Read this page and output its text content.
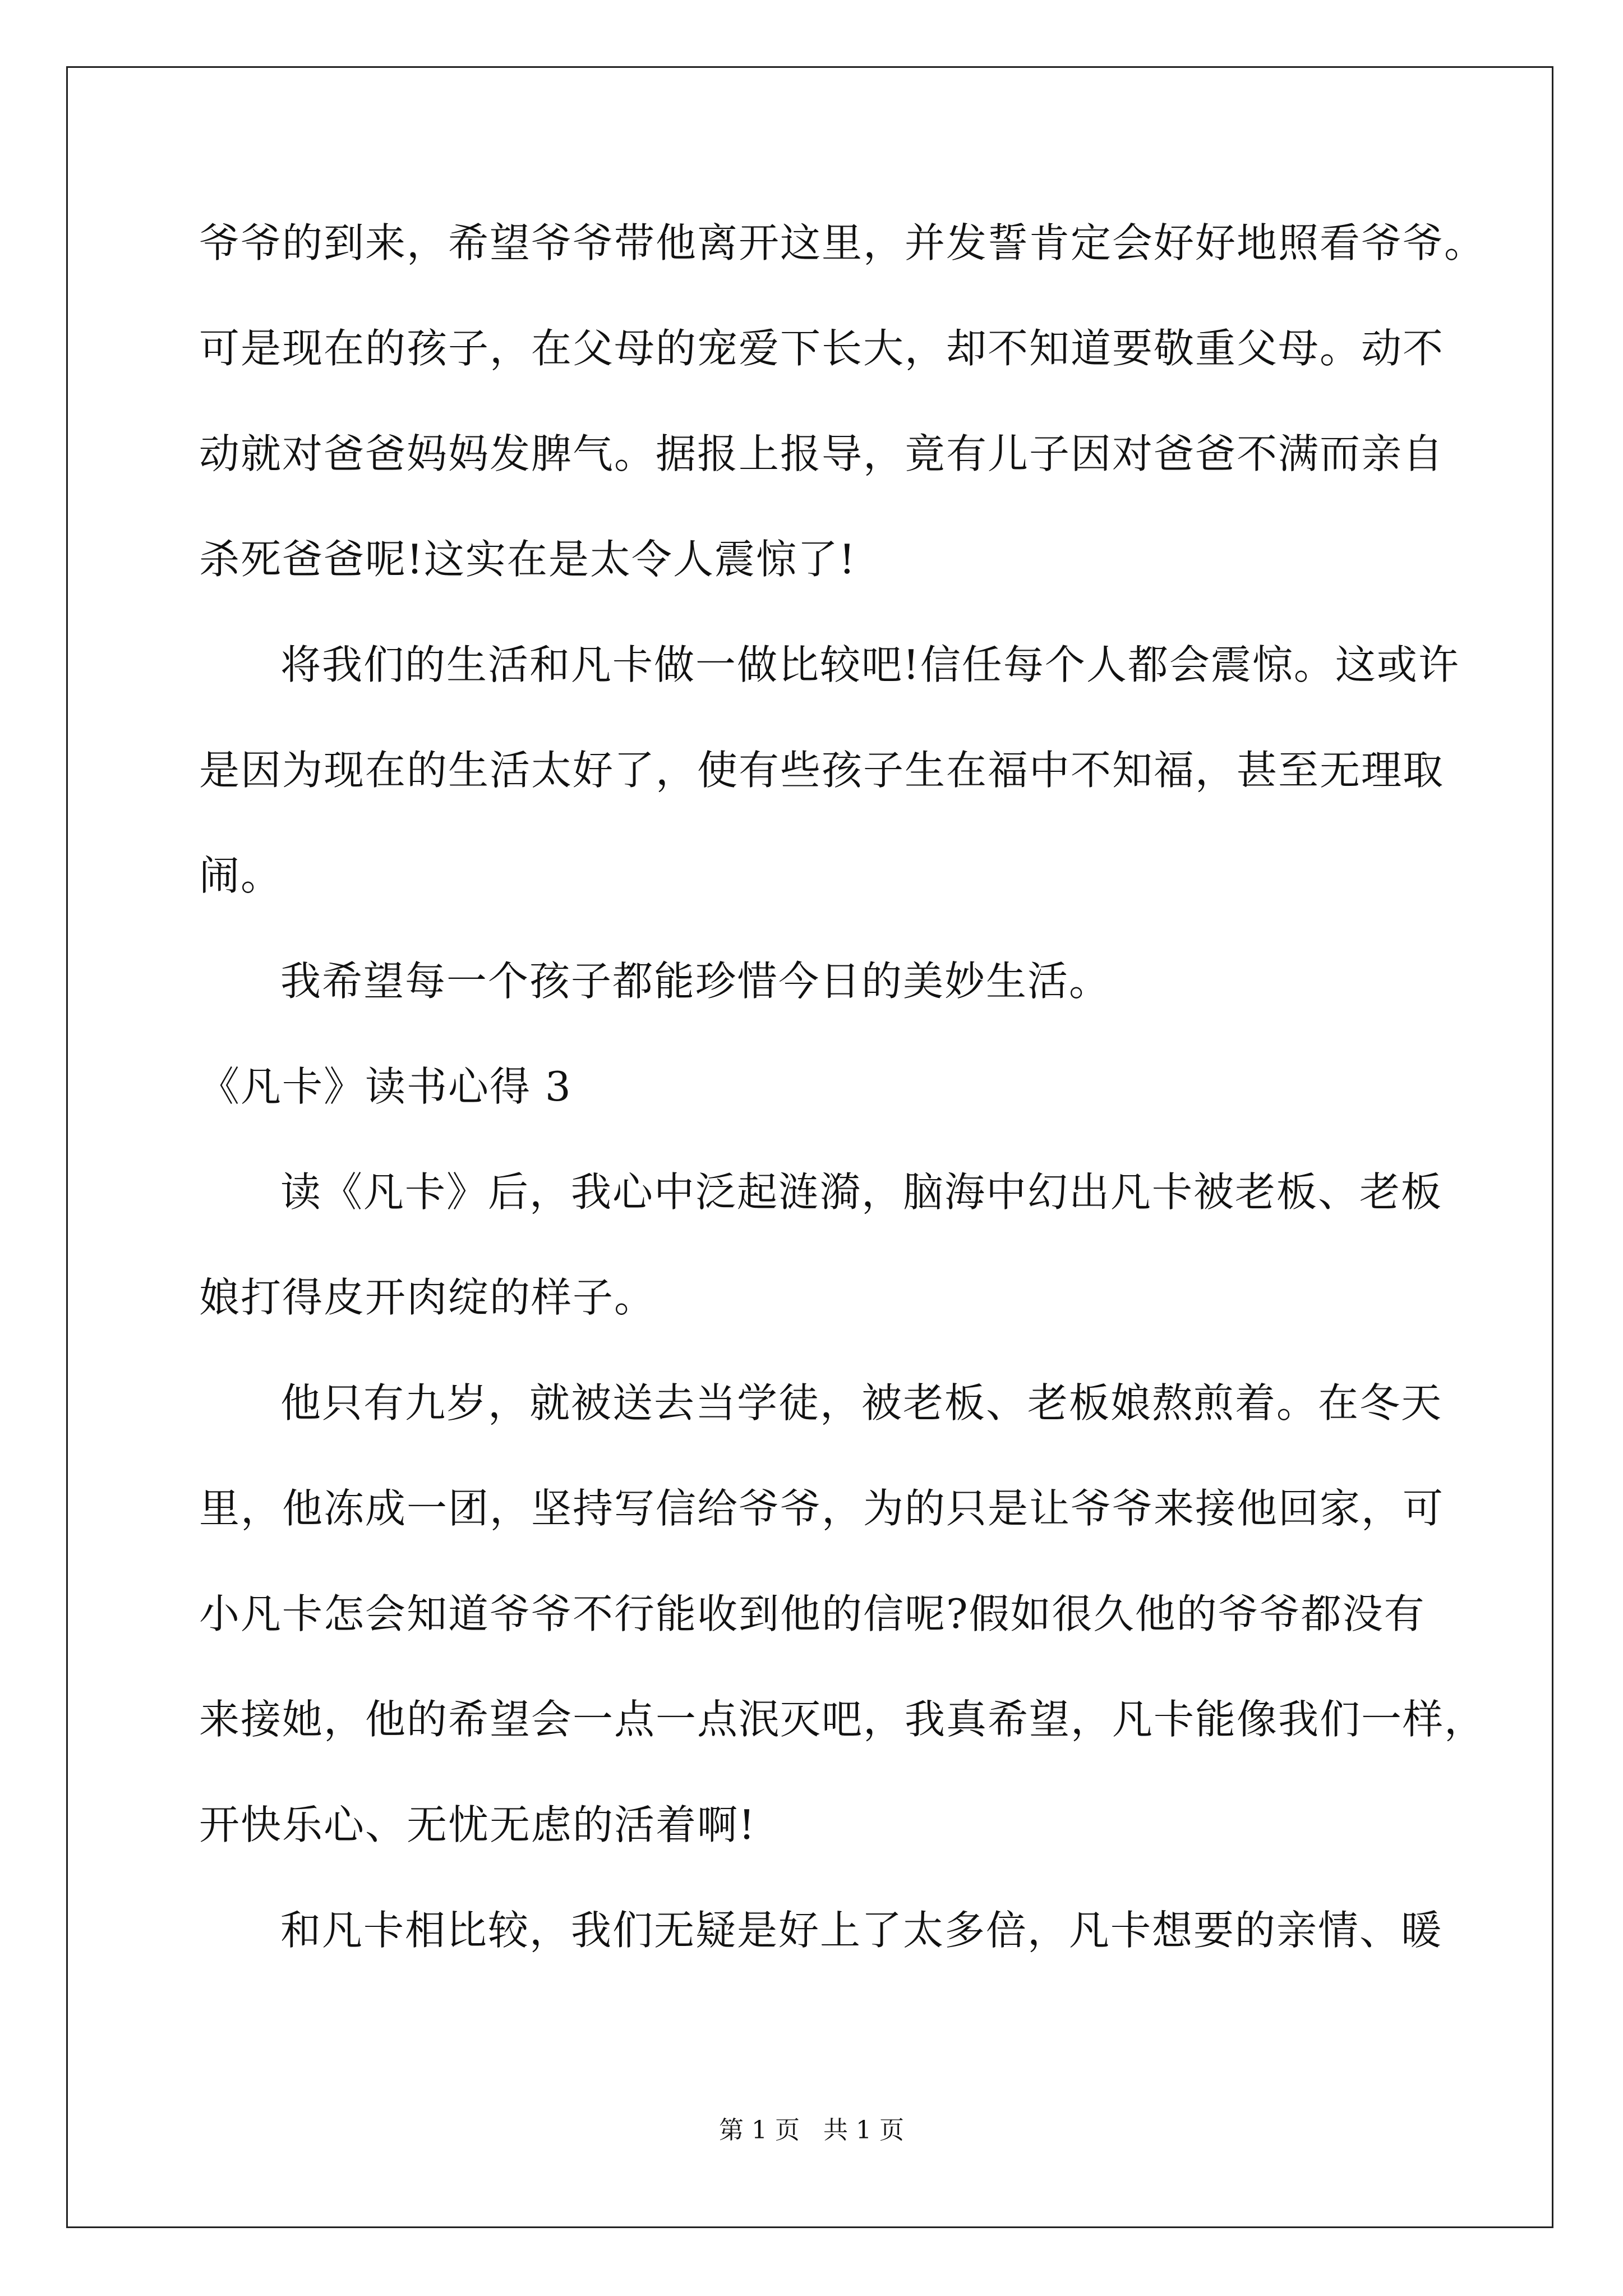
爷爷的到来，希望爷爷带他离开这里，并发誓肯定会好好地照看爷爷。
可是现在的孩子，在父母的宠爱下长大，却不知道要敬重父母。动不
动就对爸爸妈妈发脾气。据报上报导，竟有儿子因对爸爸不满而亲自
杀死爸爸呢!这实在是太令人震惊了!
将我们的生活和凡卡做一做比较吧!信任每个人都会震惊。这或许
是因为现在的生活太好了，使有些孩子生在福中不知福，甚至无理取
闹。
我希望每一个孩子都能珍惜今日的美妙生活。
《凡卡》读书心得 3
读《凡卡》后，我心中泛起涟漪，脑海中幻出凡卡被老板、老板
娘打得皮开肉绽的样子。
他只有九岁，就被送去当学徒，被老板、老板娘熬煎着。在冬天
里，他冻成一团，坚持写信给爷爷，为的只是让爷爷来接他回家，可
小凡卡怎会知道爷爷不行能收到他的信呢?假如很久他的爷爷都没有
来接她，他的希望会一点一点泯灭吧，我真希望，凡卡能像我们一样，
开快乐心、无忧无虑的活着啊!
和凡卡相比较，我们无疑是好上了太多倍，凡卡想要的亲情、暖
第 1 页   共 1 页
